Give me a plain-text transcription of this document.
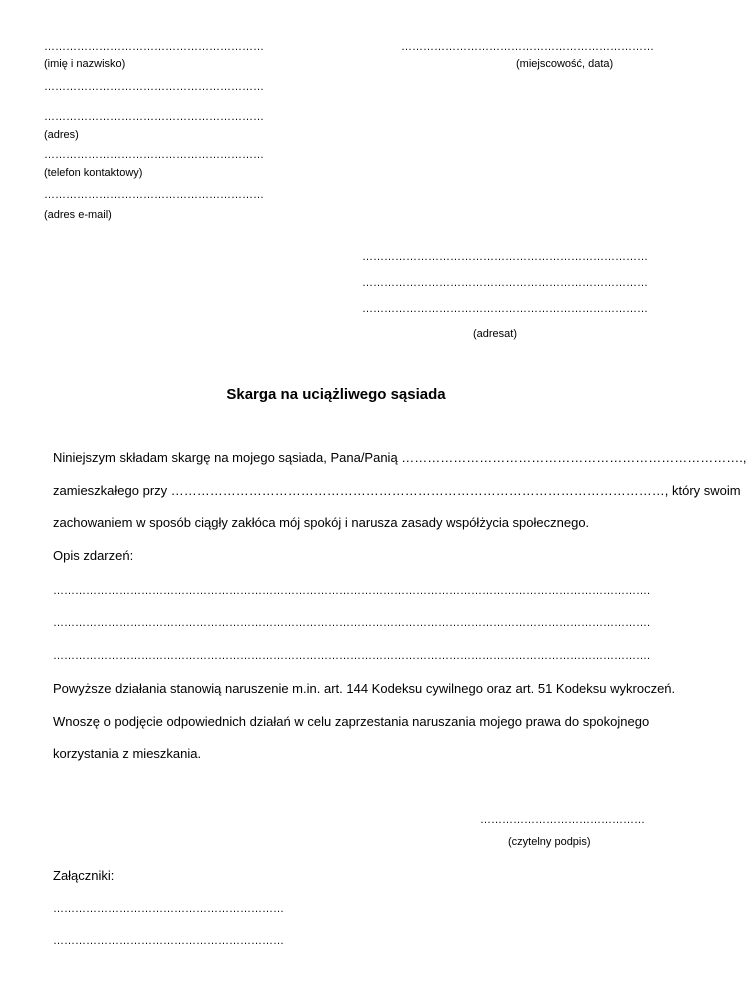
……………………………………………………
(imię i nazwisko)
……………………………………………………
……………………………………………………
(adres)
……………………………………………………
(telefon kontaktowy)
……………………………………………………
(adres e-mail)
……………………………………………………………
(miejscowość, data)
……………………………………………………………………
……………………………………………………………………
……………………………………………………………………
(adresat)
Skarga na uciążliwego sąsiada
Niniejszym składam skargę na mojego sąsiada, Pana/Panią …………………………………………………………………….,
zamieszkałego przy ……………………………………………………………………………………………………, który swoim
zachowaniem w sposób ciągły zakłóca mój spokój i narusza zasady współżycia społecznego.
Opis zdarzeń:
……………………………………………………………………………………………………………………………………………….
……………………………………………………………………………………………………………………………………………….
……………………………………………………………………………………………………………………………………………….
Powyższe działania stanowią naruszenie m.in. art. 144 Kodeksu cywilnego oraz art. 51 Kodeksu wykroczeń.
Wnoszę o podjęcie odpowiednich działań w celu zaprzestania naruszania mojego prawa do spokojnego
korzystania z mieszkania.
………………………………………
(czytelny podpis)
Załączniki:
………………………………………………………
………………………………………………………
